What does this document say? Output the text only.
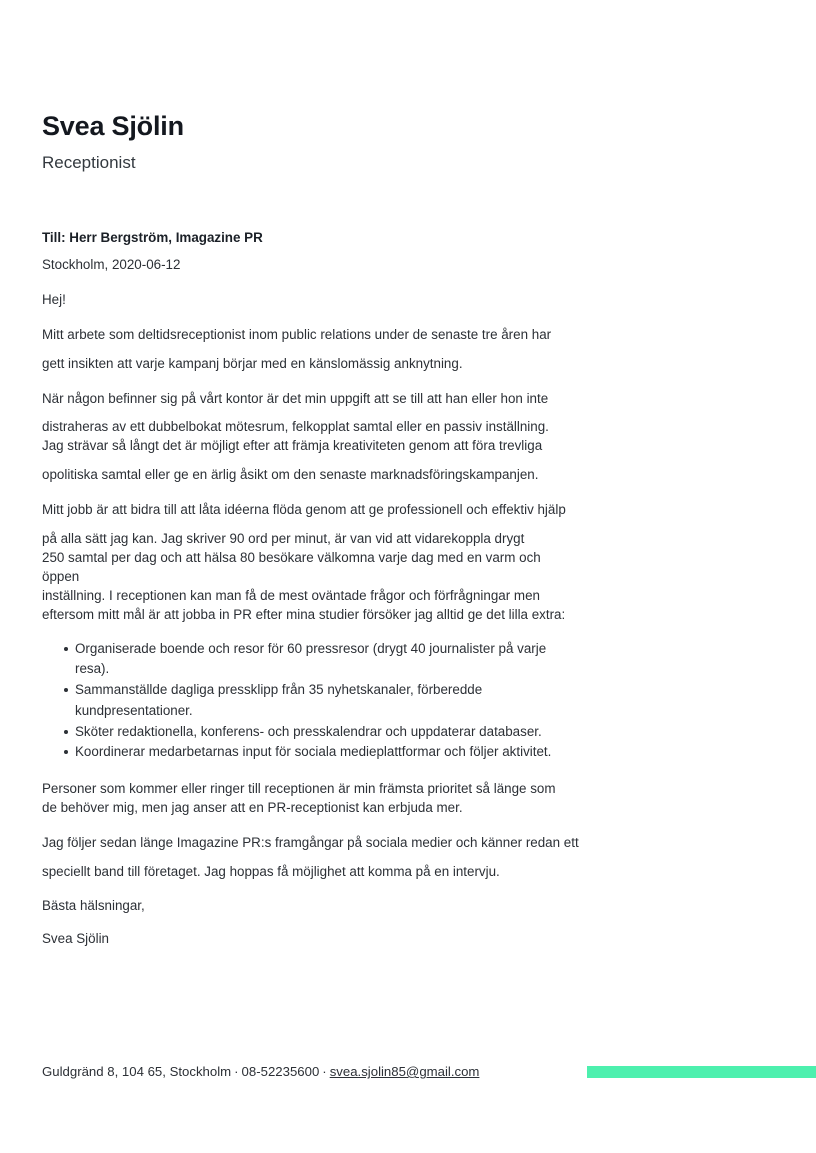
Svea Sjölin
Receptionist
Till: Herr Bergström, Imagazine PR
Stockholm, 2020-06-12
Hej!
Mitt arbete som deltidsreceptionist inom public relations under de senaste tre åren har
gett insikten att varje kampanj börjar med en känslomässig anknytning.
När någon befinner sig på vårt kontor är det min uppgift att se till att han eller hon inte
distraheras av ett dubbelbokat mötesrum, felkopplat samtal eller en passiv inställning.
Jag strävar så långt det är möjligt efter att främja kreativiteten genom att föra trevliga
opolitiska samtal eller ge en ärlig åsikt om den senaste marknadsföringskampanjen.
Mitt jobb är att bidra till att låta idéerna flöda genom att ge professionell och effektiv hjälp
på alla sätt jag kan. Jag skriver 90 ord per minut, är van vid att vidarekoppla drygt
250 samtal per dag och att hälsa 80 besökare välkomna varje dag med en varm och öppen
inställning. I receptionen kan man få de mest oväntade frågor och förfrågningar men
eftersom mitt mål är att jobba in PR efter mina studier försöker jag alltid ge det lilla extra:
Organiserade boende och resor för 60 pressresor (drygt 40 journalister på varje resa).
Sammanställde dagliga pressklipp från 35 nyhetskanaler, förberedde kundpresentationer.
Sköter redaktionella, konferens- och presskalendrar och uppdaterar databaser.
Koordinerar medarbetarnas input för sociala medieplattformar och följer aktivitet.
Personer som kommer eller ringer till receptionen är min främsta prioritet så länge som
de behöver mig, men jag anser att en PR-receptionist kan erbjuda mer.
Jag följer sedan länge Imagazine PR:s framgångar på sociala medier och känner redan ett
speciellt band till företaget. Jag hoppas få möjlighet att komma på en intervju.
Bästa hälsningar,
Svea Sjölin
Guldgränd 8, 104 65, Stockholm · 08-52235600 · svea.sjolin85@gmail.com
